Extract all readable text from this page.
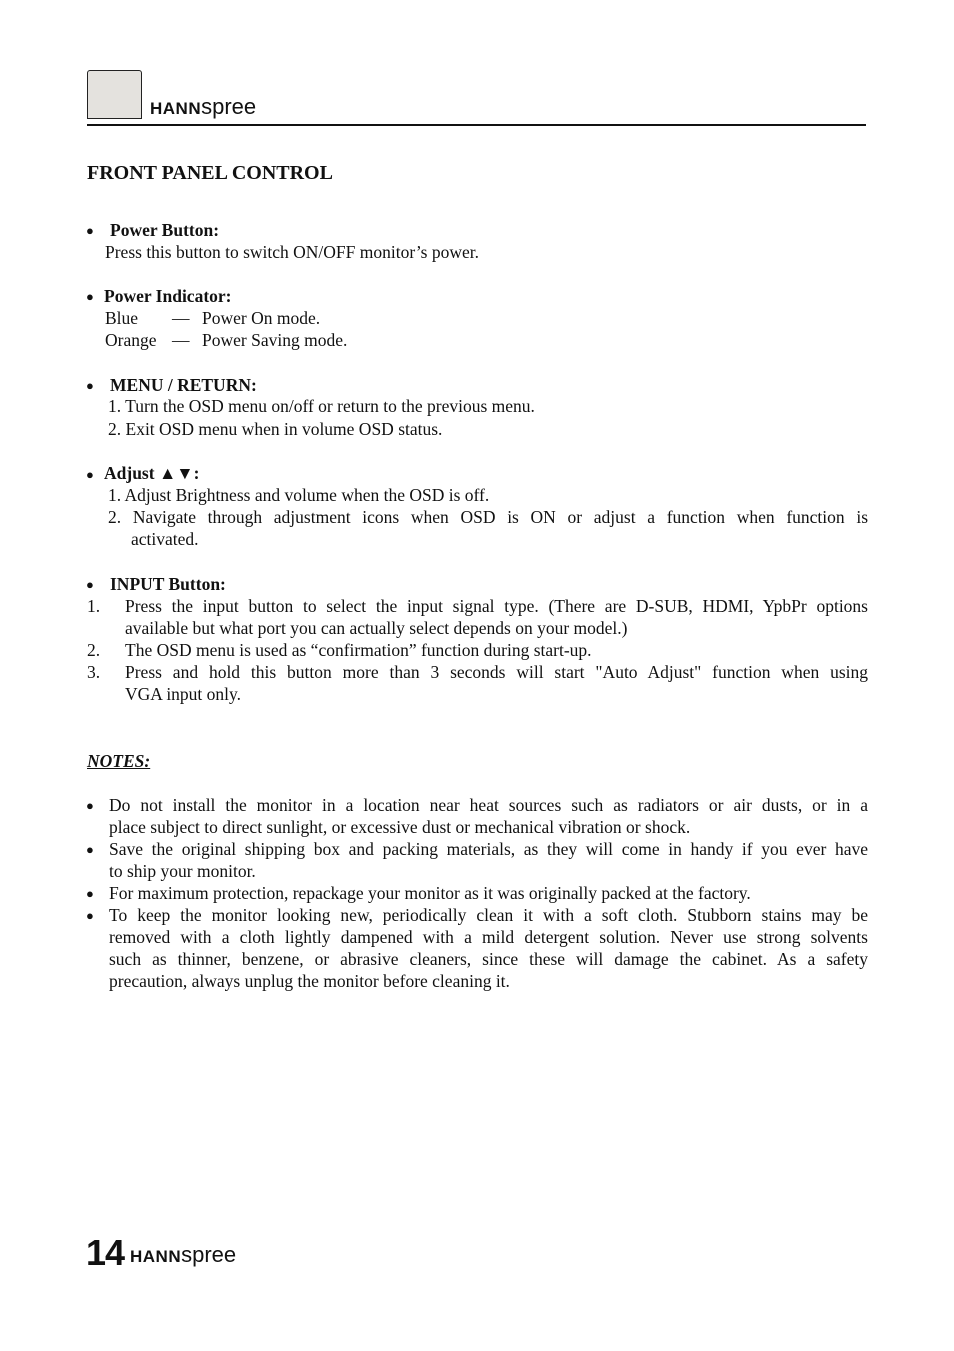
HANNspree
FRONT PANEL CONTROL
● Power Button:
Press this button to switch ON/OFF monitor’s power.
● Power Indicator:
Blue — Power On mode.
Orange — Power Saving mode.
● MENU / RETURN:
1. Turn the OSD menu on/off or return to the previous menu.
2. Exit OSD menu when in volume OSD status.
● Adjust ▲▼:
1. Adjust Brightness and volume when the OSD is off.
2. Navigate through adjustment icons when OSD is ON or adjust a function when function is
activated.
● INPUT Button:
1. Press the input button to select the input signal type. (There are D-SUB, HDMI, YpbPr options
available but what port you can actually select depends on your model.)
2. The OSD menu is used as “confirmation” function during start-up.
3. Press and hold this button more than 3 seconds will start "Auto Adjust" function when using
VGA input only.
NOTES:
● Do not install the monitor in a location near heat sources such as radiators or air dusts, or in a
place subject to direct sunlight, or excessive dust or mechanical vibration or shock.
● Save the original shipping box and packing materials, as they will come in handy if you ever have
to ship your monitor.
● For maximum protection, repackage your monitor as it was originally packed at the factory.
● To keep the monitor looking new, periodically clean it with a soft cloth. Stubborn stains may be
removed with a cloth lightly dampened with a mild detergent solution. Never use strong solvents
such as thinner, benzene, or abrasive cleaners, since these will damage the cabinet. As a safety
precaution, always unplug the monitor before cleaning it.
14 HANNspree
